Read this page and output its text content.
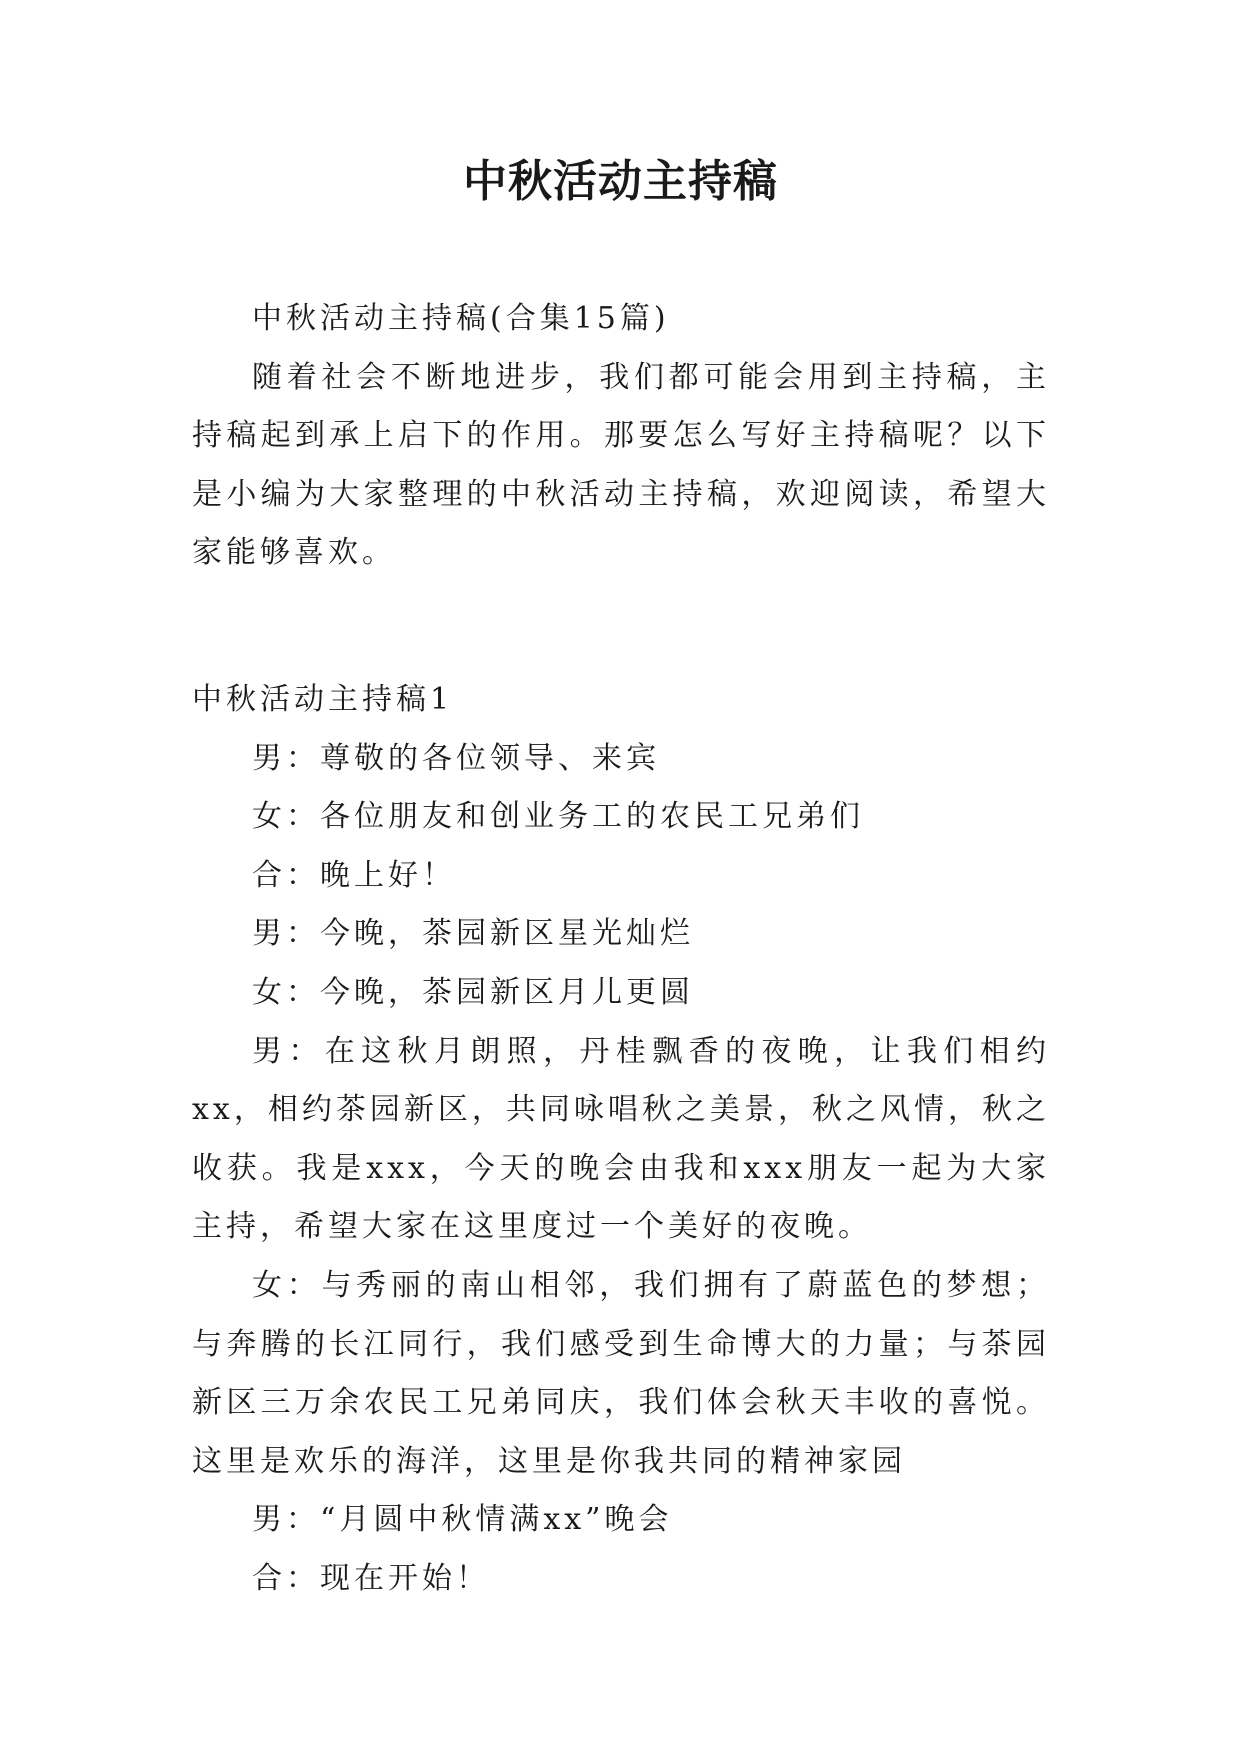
中秋活动主持稿

中秋活动主持稿(合集15篇)

随着社会不断地进步，我们都可能会用到主持稿，主持稿起到承上启下的作用。那要怎么写好主持稿呢？以下是小编为大家整理的中秋活动主持稿，欢迎阅读，希望大家能够喜欢。

中秋活动主持稿1

男：尊敬的各位领导、来宾

女：各位朋友和创业务工的农民工兄弟们

合：晚上好！

男：今晚，茶园新区星光灿烂

女：今晚，茶园新区月儿更圆

男：在这秋月朗照，丹桂飘香的夜晚，让我们相约xx，相约茶园新区，共同咏唱秋之美景，秋之风情，秋之收获。我是xxx，今天的晚会由我和xxx朋友一起为大家主持，希望大家在这里度过一个美好的夜晚。

女：与秀丽的南山相邻，我们拥有了蔚蓝色的梦想；与奔腾的长江同行，我们感受到生命博大的力量；与茶园新区三万余农民工兄弟同庆，我们体会秋天丰收的喜悦。这里是欢乐的海洋，这里是你我共同的精神家园

男：“月圆中秋情满xx”晚会

合：现在开始！
